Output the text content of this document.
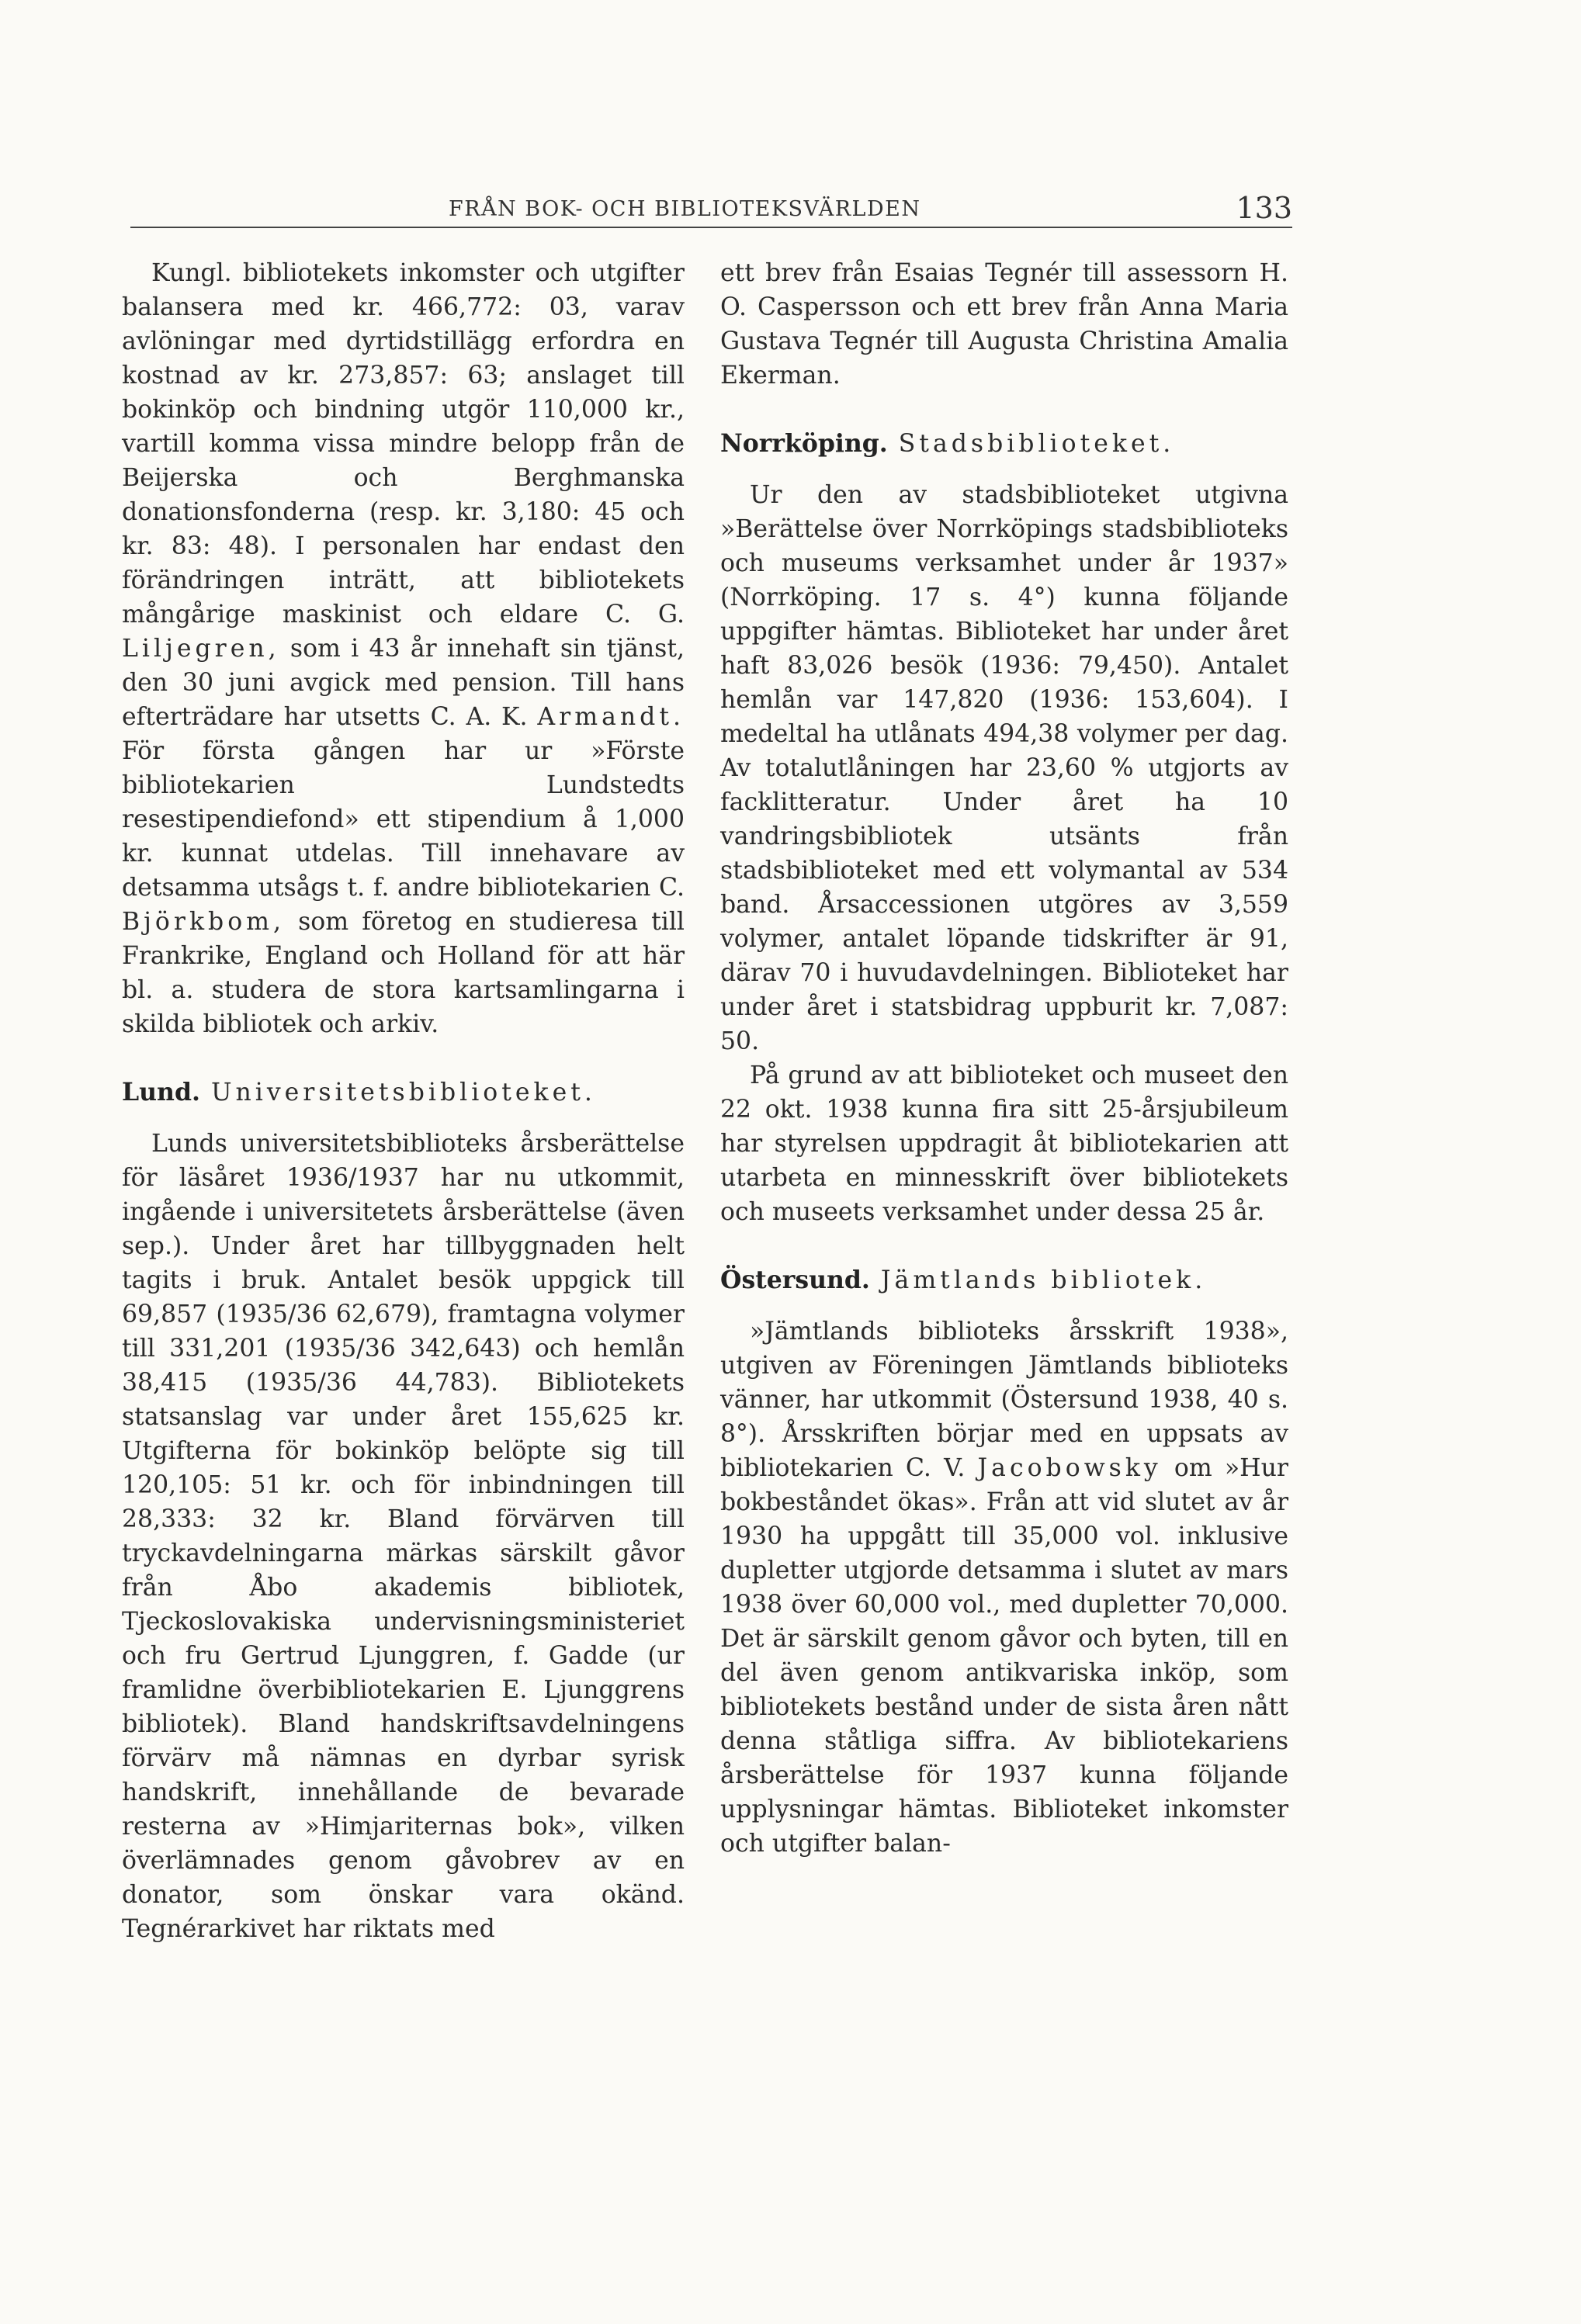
FRÅN BOK- OCH BIBLIOTEKSVÄRLDEN	133

Kungl. bibliotekets inkomster och utgifter balansera med kr. 466,772: 03, varav avlöningar med dyrtidstillägg erfordra en kostnad av kr. 273,857: 63; anslaget till bokinköp och bindning utgör 110,000 kr., vartill komma vissa mindre belopp från de Beijerska och Berghmanska donationsfonderna (resp. kr. 3,180: 45 och kr. 83: 48). I personalen har endast den förändringen inträtt, att bibliotekets mångårige maskinist och eldare C. G. Liljegren, som i 43 år innehaft sin tjänst, den 30 juni avgick med pension. Till hans efterträdare har utsetts C. A. K. Armandt. För första gången har ur »Förste bibliotekarien Lundstedts resestipendiefond» ett stipendium å 1,000 kr. kunnat utdelas. Till innehavare av detsamma utsågs t. f. andre bibliotekarien C. Björkbom, som företog en studieresa till Frankrike, England och Holland för att här bl. a. studera de stora kartsamlingarna i skilda bibliotek och arkiv.

Lund. Universitetsbiblioteket.

Lunds universitetsbiblioteks årsberättelse för läsåret 1936/1937 har nu utkommit, ingående i universitetets årsberättelse (även sep.). Under året har tillbyggnaden helt tagits i bruk. Antalet besök uppgick till 69,857 (1935/36 62,679), framtagna volymer till 331,201 (1935/36 342,643) och hemlån 38,415 (1935/36 44,783). Bibliotekets statsanslag var under året 155,625 kr. Utgifterna för bokinköp belöpte sig till 120,105: 51 kr. och för inbindningen till 28,333: 32 kr. Bland förvärven till tryckavdelningarna märkas särskilt gåvor från Åbo akademis bibliotek, Tjeckoslovakiska undervisningsministeriet och fru Gertrud Ljunggren, f. Gadde (ur framlidne överbibliotekarien E. Ljunggrens bibliotek). Bland handskriftsavdelningens förvärv må nämnas en dyrbar syrisk handskrift, innehållande de bevarade resterna av »Himjariternas bok», vilken överlämnades genom gåvobrev av en donator, som önskar vara okänd. Tegnérarkivet har riktats med

ett brev från Esaias Tegnér till assessorn H. O. Caspersson och ett brev från Anna Maria Gustava Tegnér till Augusta Christina Amalia Ekerman.

Norrköping. Stadsbiblioteket.

Ur den av stadsbiblioteket utgivna »Berättelse över Norrköpings stadsbiblioteks och museums verksamhet under år 1937» (Norrköping. 17 s. 4°) kunna följande uppgifter hämtas. Biblioteket har under året haft 83,026 besök (1936: 79,450). Antalet hemlån var 147,820 (1936: 153,604). I medeltal ha utlånats 494,38 volymer per dag. Av totalutlåningen har 23,60 % utgjorts av facklitteratur. Under året ha 10 vandringsbibliotek utsänts från stadsbiblioteket med ett volymantal av 534 band. Årsaccessionen utgöres av 3,559 volymer, antalet löpande tidskrifter är 91, därav 70 i huvudavdelningen. Biblioteket har under året i statsbidrag uppburit kr. 7,087: 50.

På grund av att biblioteket och museet den 22 okt. 1938 kunna fira sitt 25-årsjubileum har styrelsen uppdragit åt bibliotekarien att utarbeta en minnesskrift över bibliotekets och museets verksamhet under dessa 25 år.

Östersund. Jämtlands bibliotek.

»Jämtlands biblioteks årsskrift 1938», utgiven av Föreningen Jämtlands biblioteks vänner, har utkommit (Östersund 1938, 40 s. 8°). Årsskriften börjar med en uppsats av bibliotekarien C. V. Jacobowsky om »Hur bokbeståndet ökas». Från att vid slutet av år 1930 ha uppgått till 35,000 vol. inklusive dupletter utgjorde detsamma i slutet av mars 1938 över 60,000 vol., med dupletter 70,000. Det är särskilt genom gåvor och byten, till en del även genom antikvariska inköp, som bibliotekets bestånd under de sista åren nått denna ståtliga siffra. Av bibliotekariens årsberättelse för 1937 kunna följande upplysningar hämtas. Biblioteket inkomster och utgifter balan-
